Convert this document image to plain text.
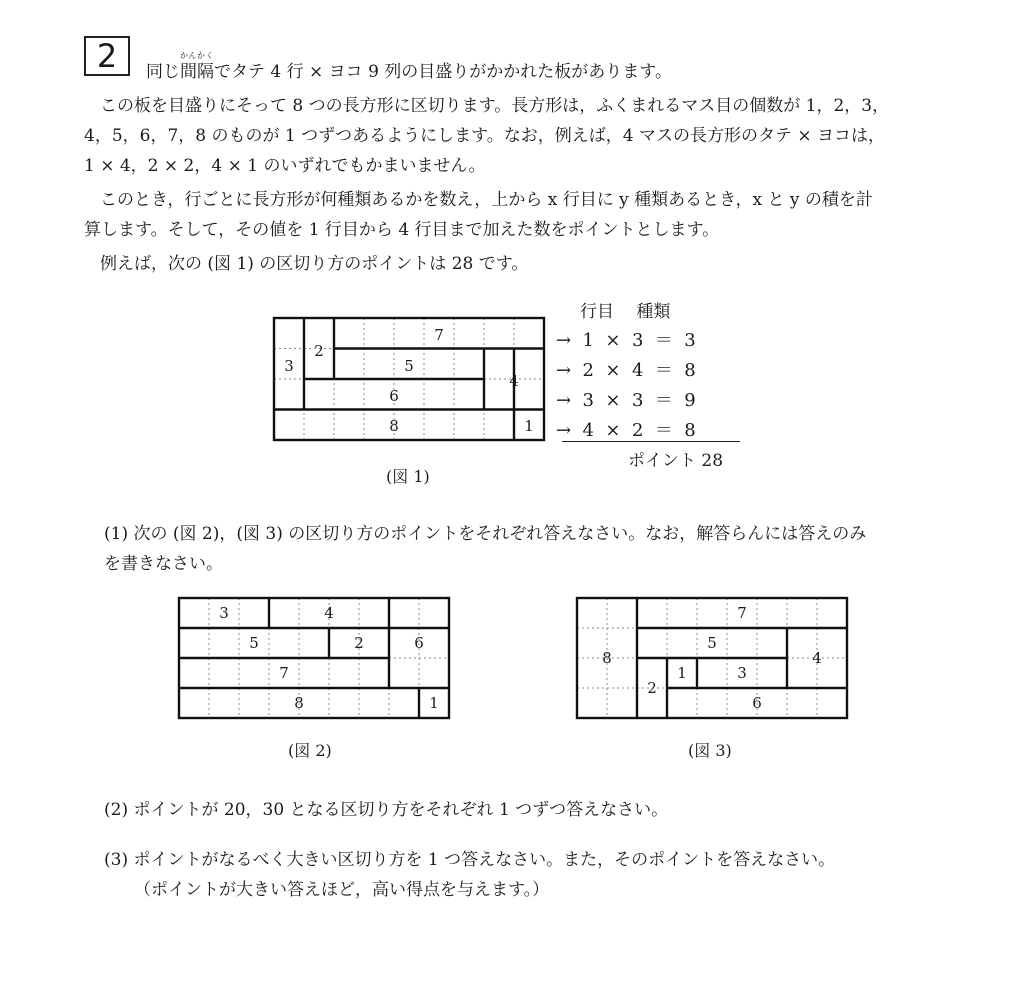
2	かんかく
同じ間隔でタテ 4 行 × ヨコ 9 列の目盛りがかかれた板があります。
この板を目盛りにそって 8 つの長方形に区切ります。長方形は，ふくまれるマス目の個数が 1，2，3，
4，5，6，7，8 のものが 1 つずつあるようにします。なお，例えば，4 マスの長方形のタテ × ヨコは，
1 × 4，2 × 2，4 × 1 のいずれでもかまいません。
このとき，行ごとに長方形が何種類あるかを数え，上から x 行目に y 種類あるとき，x と y の積を計
算します。そして，その値を 1 行目から 4 行目まで加えた数をポイントとします。
例えば，次の (図 1) の区切り方のポイントは 28 です。
7
2
3	5
4
6
8	1
行目　 種類
→  1  ×  3  ＝  3
→  2  ×  4  ＝  8
→  3  ×  3  ＝  9
→  4  ×  2  ＝  8
ポイント 28
(図 1)
(1) 次の (図 2)，(図 3) の区切り方のポイントをそれぞれ答えなさい。なお，解答らんには答えのみ
を書きなさい。
3	4
5	2	6
7
8	1
(図 2)
8
7
5
4
1	3
2
6
(図 3)
(2) ポイントが 20，30 となる区切り方をそれぞれ 1 つずつ答えなさい。
(3) ポイントがなるべく大きい区切り方を 1 つ答えなさい。また，そのポイントを答えなさい。
（ポイントが大きい答えほど，高い得点を与えます。）
